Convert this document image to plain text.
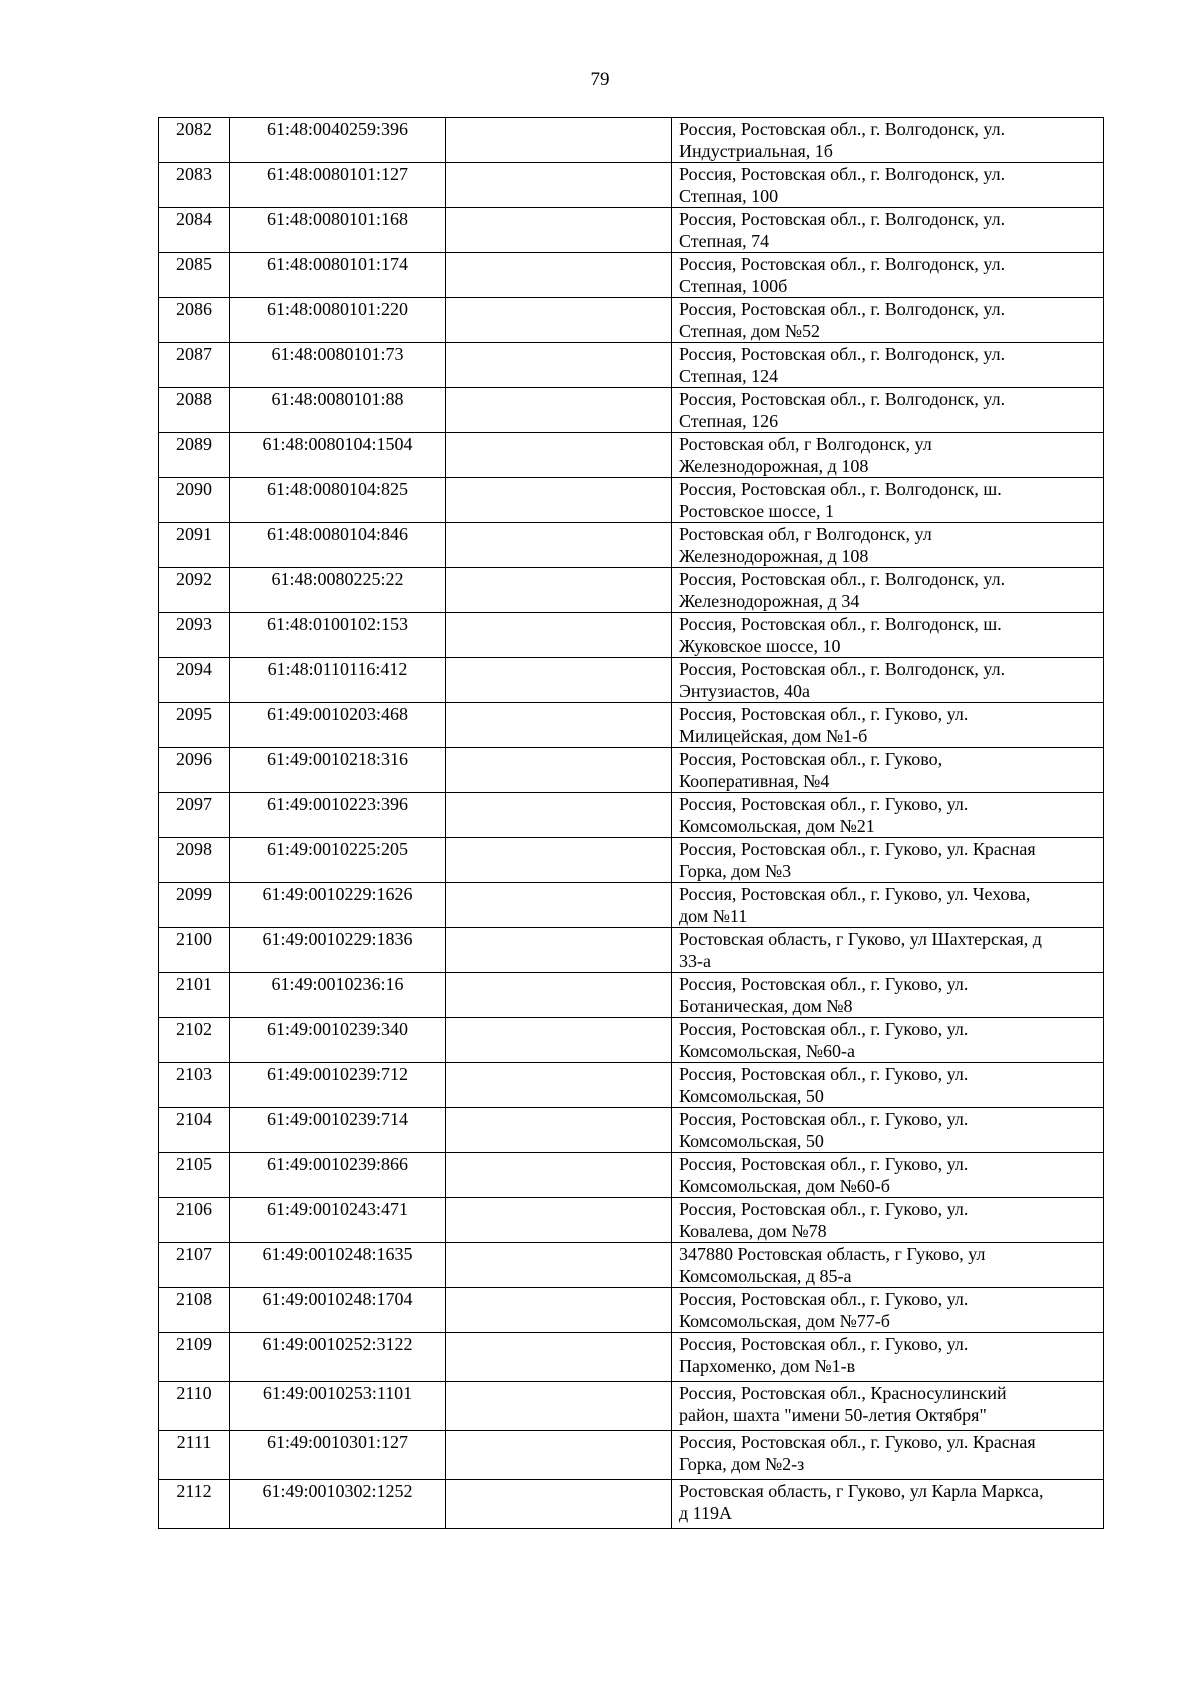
79
2082	61:48:0040259:396		Россия, Ростовская обл., г. Волгодонск, ул.
Индустриальная, 1б

2083	61:48:0080101:127		Россия, Ростовская обл., г. Волгодонск, ул.
Степная, 100

2084	61:48:0080101:168		Россия, Ростовская обл., г. Волгодонск, ул.
Степная, 74

2085	61:48:0080101:174		Россия, Ростовская обл., г. Волгодонск, ул.
Степная, 100б

2086	61:48:0080101:220		Россия, Ростовская обл., г. Волгодонск, ул.
Степная, дом №52

2087	61:48:0080101:73		Россия, Ростовская обл., г. Волгодонск, ул.
Степная, 124

2088	61:48:0080101:88		Россия, Ростовская обл., г. Волгодонск, ул.
Степная, 126

2089	61:48:0080104:1504		Ростовская обл, г Волгодонск, ул
Железнодорожная, д 108

2090	61:48:0080104:825		Россия, Ростовская обл., г. Волгодонск, ш.
Ростовское шоссе, 1

2091	61:48:0080104:846		Ростовская обл, г Волгодонск, ул
Железнодорожная, д 108

2092	61:48:0080225:22		Россия, Ростовская обл., г. Волгодонск, ул.
Железнодорожная, д 34

2093	61:48:0100102:153		Россия, Ростовская обл., г. Волгодонск, ш.
Жуковское шоссе, 10

2094	61:48:0110116:412		Россия, Ростовская обл., г. Волгодонск, ул.
Энтузиастов, 40а

2095	61:49:0010203:468		Россия, Ростовская обл., г. Гуково, ул.
Милицейская, дом №1-б

2096	61:49:0010218:316		Россия, Ростовская обл., г. Гуково,
Кооперативная, №4

2097	61:49:0010223:396		Россия, Ростовская обл., г. Гуково, ул.
Комсомольская, дом №21

2098	61:49:0010225:205		Россия, Ростовская обл., г. Гуково, ул. Красная
Горка, дом №3

2099	61:49:0010229:1626		Россия, Ростовская обл., г. Гуково, ул. Чехова,
дом №11

2100	61:49:0010229:1836		Ростовская область, г Гуково, ул Шахтерская, д
33-а

2101	61:49:0010236:16		Россия, Ростовская обл., г. Гуково, ул.
Ботаническая, дом №8

2102	61:49:0010239:340		Россия, Ростовская обл., г. Гуково, ул.
Комсомольская, №60-а

2103	61:49:0010239:712		Россия, Ростовская обл., г. Гуково, ул.
Комсомольская, 50

2104	61:49:0010239:714		Россия, Ростовская обл., г. Гуково, ул.
Комсомольская, 50

2105	61:49:0010239:866		Россия, Ростовская обл., г. Гуково, ул.
Комсомольская, дом №60-б

2106	61:49:0010243:471		Россия, Ростовская обл., г. Гуково, ул.
Ковалева, дом №78

2107	61:49:0010248:1635		347880 Ростовская область, г Гуково, ул
Комсомольская, д 85-а

2108	61:49:0010248:1704		Россия, Ростовская обл., г. Гуково, ул.
Комсомольская, дом №77-б

2109	61:49:0010252:3122		Россия, Ростовская обл., г. Гуково, ул.
Пархоменко, дом №1-в

2110	61:49:0010253:1101		Россия, Ростовская обл., Красносулинский
район, шахта "имени 50-летия Октября"

2111	61:49:0010301:127		Россия, Ростовская обл., г. Гуково, ул. Красная
Горка, дом №2-з

2112	61:49:0010302:1252		Ростовская область, г Гуково, ул Карла Маркса,
д 119А
